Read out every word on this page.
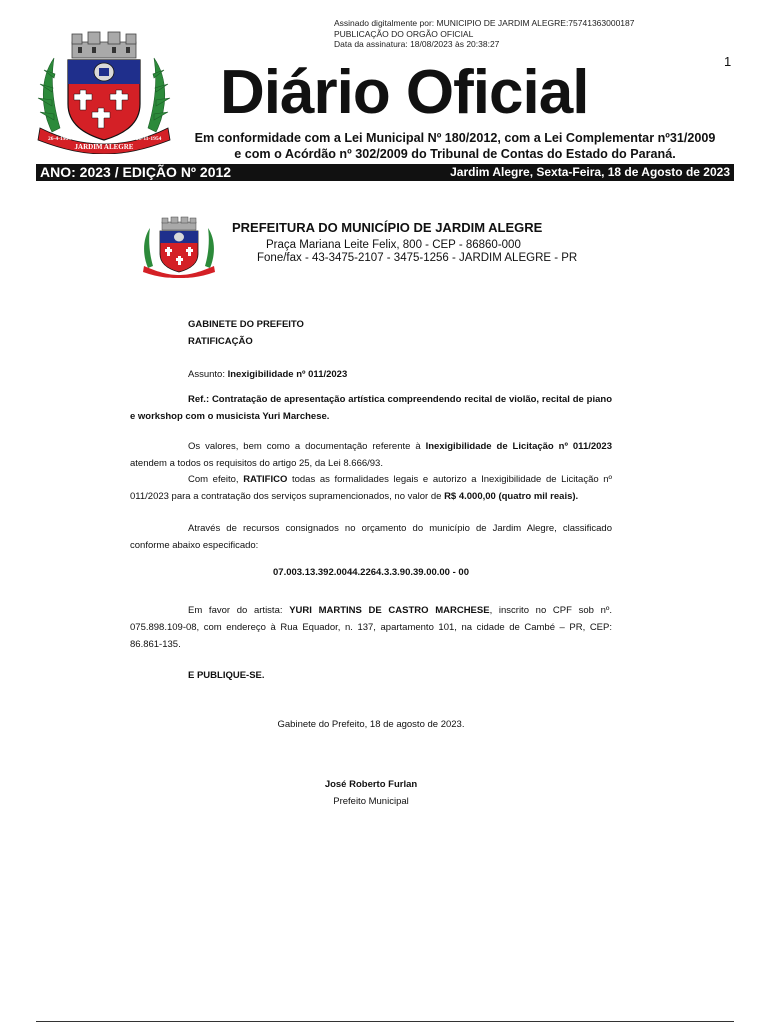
Assinado digitalmente por: MUNICIPIO DE JARDIM ALEGRE:75741363000187
PUBLICAÇÃO DO ORGÃO OFICIAL
Data da assinatura: 18/08/2023 às 20:38:27
1
26-4-1964
JARDIM ALEGRE
26-11-1954
Diário Oficial
Em conformidade com a Lei Municipal Nº 180/2012, com a Lei Complementar nº31/2009
e com o Acórdão nº 302/2009 do Tribunal de Contas do Estado do Paraná.
ANO: 2023 / EDIÇÃO Nº 2012	Jardim Alegre, Sexta-Feira, 18 de Agosto de 2023
PREFEITURA DO MUNICÍPIO DE JARDIM ALEGRE
Praça Mariana Leite Felix, 800 - CEP - 86860-000
Fone/fax - 43-3475-2107 - 3475-1256 - JARDIM ALEGRE - PR
GABINETE DO PREFEITO
RATIFICAÇÃO
Assunto: Inexigibilidade nº 011/2023
Ref.: Contratação de apresentação artística compreendendo recital de violão, recital de piano e workshop com o musicista Yuri Marchese.
Os valores, bem como a documentação referente à Inexigibilidade de Licitação nº 011/2023 atendem a todos os requisitos do artigo 25, da Lei 8.666/93.
Com efeito, RATIFICO todas as formalidades legais e autorizo a Inexigibilidade de Licitação nº 011/2023 para a contratação dos serviços supramencionados, no valor de R$ 4.000,00 (quatro mil reais).
Através de recursos consignados no orçamento do município de Jardim Alegre, classificado conforme abaixo especificado:
07.003.13.392.0044.2264.3.3.90.39.00.00 - 00
Em favor do artista: YURI MARTINS DE CASTRO MARCHESE, inscrito no CPF sob nº. 075.898.109-08, com endereço à Rua Equador, n. 137, apartamento 101, na cidade de Cambé – PR, CEP: 86.861-135.
E PUBLIQUE-SE.
Gabinete do Prefeito, 18 de agosto de 2023.
José Roberto Furlan
Prefeito Municipal
